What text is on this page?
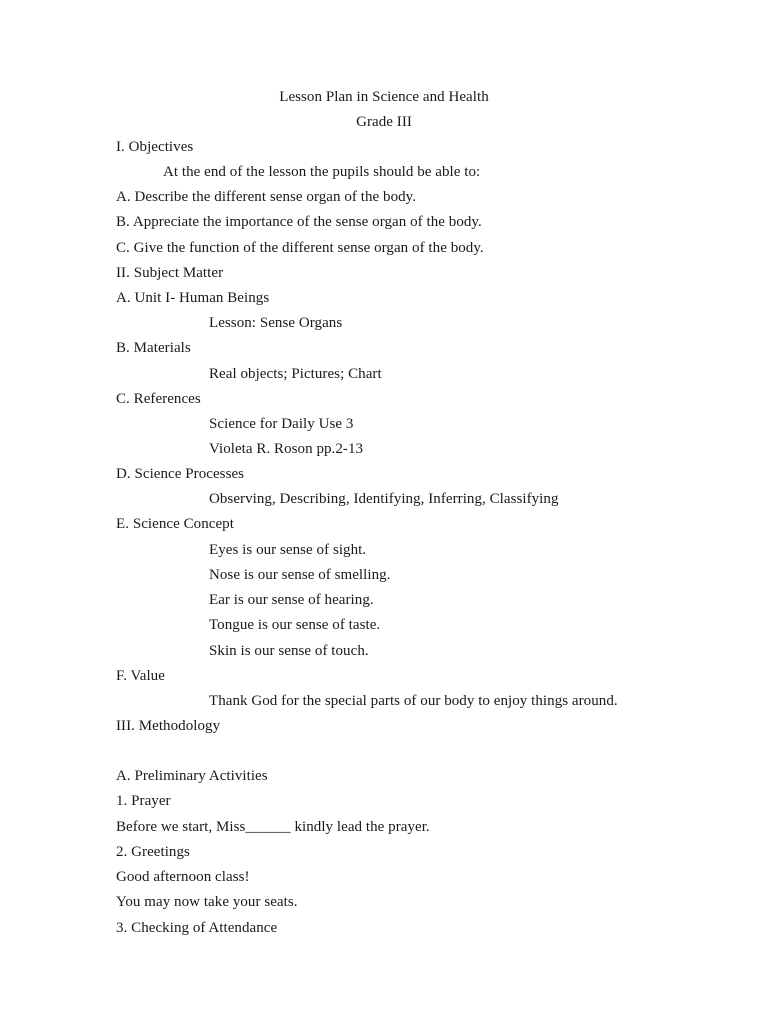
Lesson Plan in Science and Health
Grade III
I. Objectives
At the end of the lesson the pupils should be able to:
A. Describe the different sense organ of the body.
B. Appreciate the importance of the sense organ of the body.
C. Give the function of the different sense organ of the body.
II. Subject Matter
A. Unit I- Human Beings
Lesson: Sense Organs
B. Materials
Real objects; Pictures; Chart
C. References
Science for Daily Use 3
Violeta R. Roson pp.2-13
D. Science Processes
Observing, Describing, Identifying, Inferring, Classifying
E. Science Concept
Eyes is our sense of sight.
Nose is our sense of smelling.
Ear is our sense of hearing.
Tongue is our sense of taste.
Skin is our sense of touch.
F. Value
Thank God for the special parts of our body to enjoy things around.
III. Methodology
A. Preliminary Activities
1. Prayer
Before we start, Miss______ kindly lead the prayer.
2. Greetings
Good afternoon class!
You may now take your seats.
3. Checking of Attendance
